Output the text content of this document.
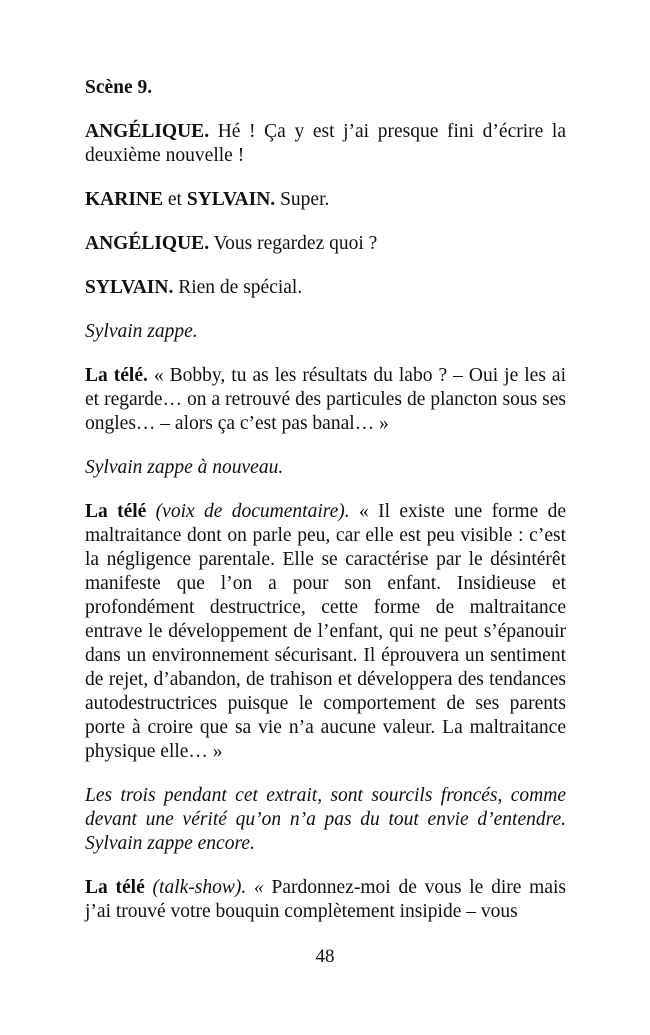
Scène 9.
ANGÉLIQUE. Hé ! Ça y est j’ai presque fini d’écrire la deuxième nouvelle !
KARINE et SYLVAIN. Super.
ANGÉLIQUE. Vous regardez quoi ?
SYLVAIN. Rien de spécial.
Sylvain zappe.
La télé. « Bobby, tu as les résultats du labo ? – Oui je les ai et regarde… on a retrouvé des particules de plancton sous ses ongles… – alors ça c’est pas banal… »
Sylvain zappe à nouveau.
La télé (voix de documentaire). « Il existe une forme de maltraitance dont on parle peu, car elle est peu visible : c’est la négligence parentale. Elle se caractérise par le désintérêt manifeste que l’on a pour son enfant. Insidieuse et profondément destructrice, cette forme de maltraitance entrave le développement de l’enfant, qui ne peut s’épanouir dans un environnement sécurisant. Il éprouvera un sentiment de rejet, d’abandon, de trahison et développera des tendances autodestructrices puisque le comportement de ses parents porte à croire que sa vie n’a aucune valeur. La maltraitance physique elle… »
Les trois pendant cet extrait, sont sourcils froncés, comme devant une vérité qu’on n’a pas du tout envie d’entendre. Sylvain zappe encore.
La télé (talk-show). « Pardonnez-moi de vous le dire mais j’ai trouvé votre bouquin complètement insipide – vous
48
